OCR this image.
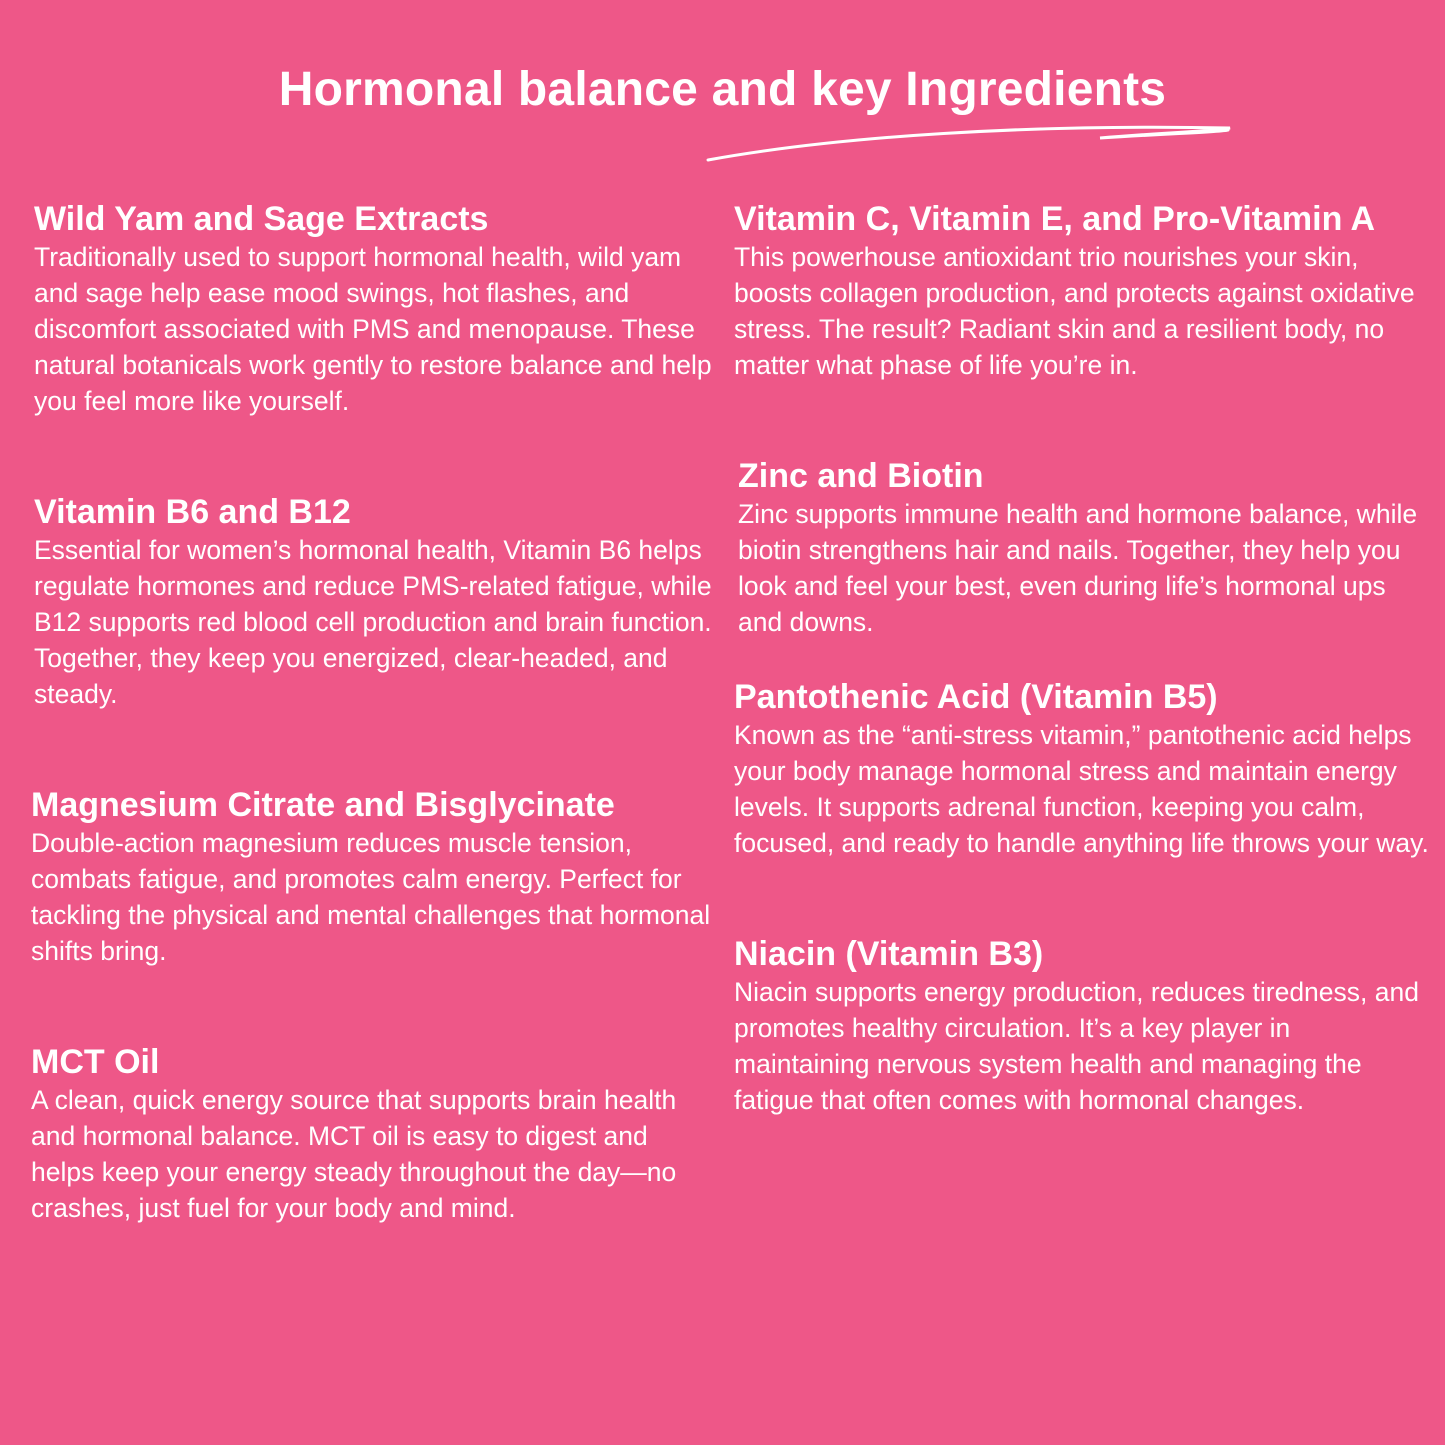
Hormonal balance and key Ingredients
Wild Yam and Sage Extracts

Traditionally used to support hormonal health, wild yam and sage help ease mood swings, hot flashes, and discomfort associated with PMS and menopause. These natural botanicals work gently to restore balance and help you feel more like yourself.

Vitamin B6 and B12

Essential for women’s hormonal health, Vitamin B6 helps regulate hormones and reduce PMS-related fatigue, while B12 supports red blood cell production and brain function. Together, they keep you energized, clear-headed, and steady.

Magnesium Citrate and Bisglycinate

Double-action magnesium reduces muscle tension, combats fatigue, and promotes calm energy. Perfect for tackling the physical and mental challenges that hormonal shifts bring.

MCT Oil

A clean, quick energy source that supports brain health and hormonal balance. MCT oil is easy to digest and helps keep your energy steady throughout the day—no crashes, just fuel for your body and mind.

Vitamin C, Vitamin E, and Pro-Vitamin A

This powerhouse antioxidant trio nourishes your skin, boosts collagen production, and protects against oxidative stress. The result? Radiant skin and a resilient body, no matter what phase of life you’re in.

Zinc and Biotin

Zinc supports immune health and hormone balance, while biotin strengthens hair and nails. Together, they help you look and feel your best, even during life’s hormonal ups and downs.

Pantothenic Acid (Vitamin B5)

Known as the “anti-stress vitamin,” pantothenic acid helps your body manage hormonal stress and maintain energy levels. It supports adrenal function, keeping you calm, focused, and ready to handle anything life throws your way.

Niacin (Vitamin B3)

Niacin supports energy production, reduces tiredness, and promotes healthy circulation. It’s a key player in maintaining nervous system health and managing the fatigue that often comes with hormonal changes.
